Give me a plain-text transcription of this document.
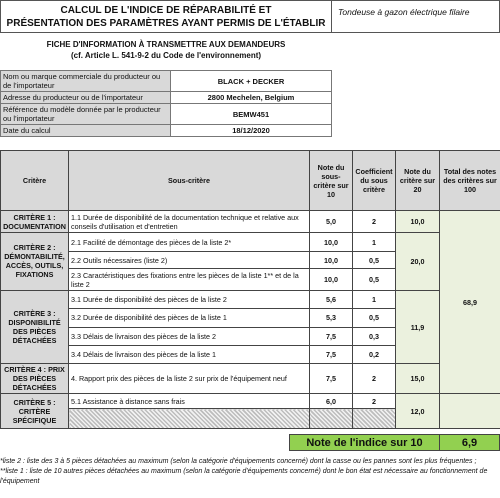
CALCUL DE L'INDICE DE RÉPARABILITÉ ET
PRÉSENTATION DES PARAMÈTRES AYANT PERMIS DE L'ÉTABLIR
Tondeuse à gazon électrique filaire
FICHE D'INFORMATION À TRANSMETTRE AUX DEMANDEURS
(cf. Article L. 541-9-2 du Code de l'environnement)
Nom ou marque commerciale du producteur ou de l'importateur	BLACK + DECKER
Adresse du producteur ou de l'importateur	2800 Mechelen, Belgium
Référence du modèle donnée par le producteur ou l'importateur	BEMW451
Date du calcul	18/12/2020
Critère	Sous-critère	Note du sous-critère sur 10	Coefficient du sous critère	Note du critère sur 20	Total des notes des critères sur 100
CRITÈRE 1 : DOCUMENTATION	1.1 Durée de disponibilité de la documentation technique et relative aux conseils d'utilisation et d'entretien	5,0	2	10,0	68,9
CRITÈRE 2 : DÉMONTABILITÉ, ACCÈS, OUTILS, FIXATIONS	2.1 Facilité de démontage des pièces de la liste 2*	10,0	1	20,0	
	2.2 Outils nécessaires (liste 2)	10,0	0,5		
	2.3 Caractéristiques des fixations entre les pièces de la liste 1** et de la liste 2	10,0	0,5		
CRITÈRE 3 : DISPONIBILITÉ DES PIÈCES DÉTACHÉES	3.1 Durée de disponibilité des pièces de la liste 2	5,6	1	11,9	
	3.2 Durée de disponibilité des pièces de la liste 1	5,3	0,5		
	3.3 Délais de livraison des pièces de la liste 2	7,5	0,3		
	3.4 Délais de livraison des pièces de la liste 1	7,5	0,2		
CRITÈRE 4 : PRIX DES PIÈCES DÉTACHÉES	4. Rapport prix des pièces de la liste 2 sur prix de l'équipement neuf	7,5	2	15,0	
CRITÈRE 5 : CRITÈRE SPÉCIFIQUE	5.1 Assistance à distance sans frais	6,0	2	12,0	

Note de l'indice sur 10	6,9
*liste 2 : liste des 3 à 5 pièces détachées au maximum (selon la catégorie d'équipements concerné) dont la casse ou les pannes sont les plus fréquentes ;
**liste 1 : liste de 10 autres pièces détachées au maximum (selon la catégorie d'équipements concerné) dont le bon état est nécessaire au fonctionnement de l'équipement
